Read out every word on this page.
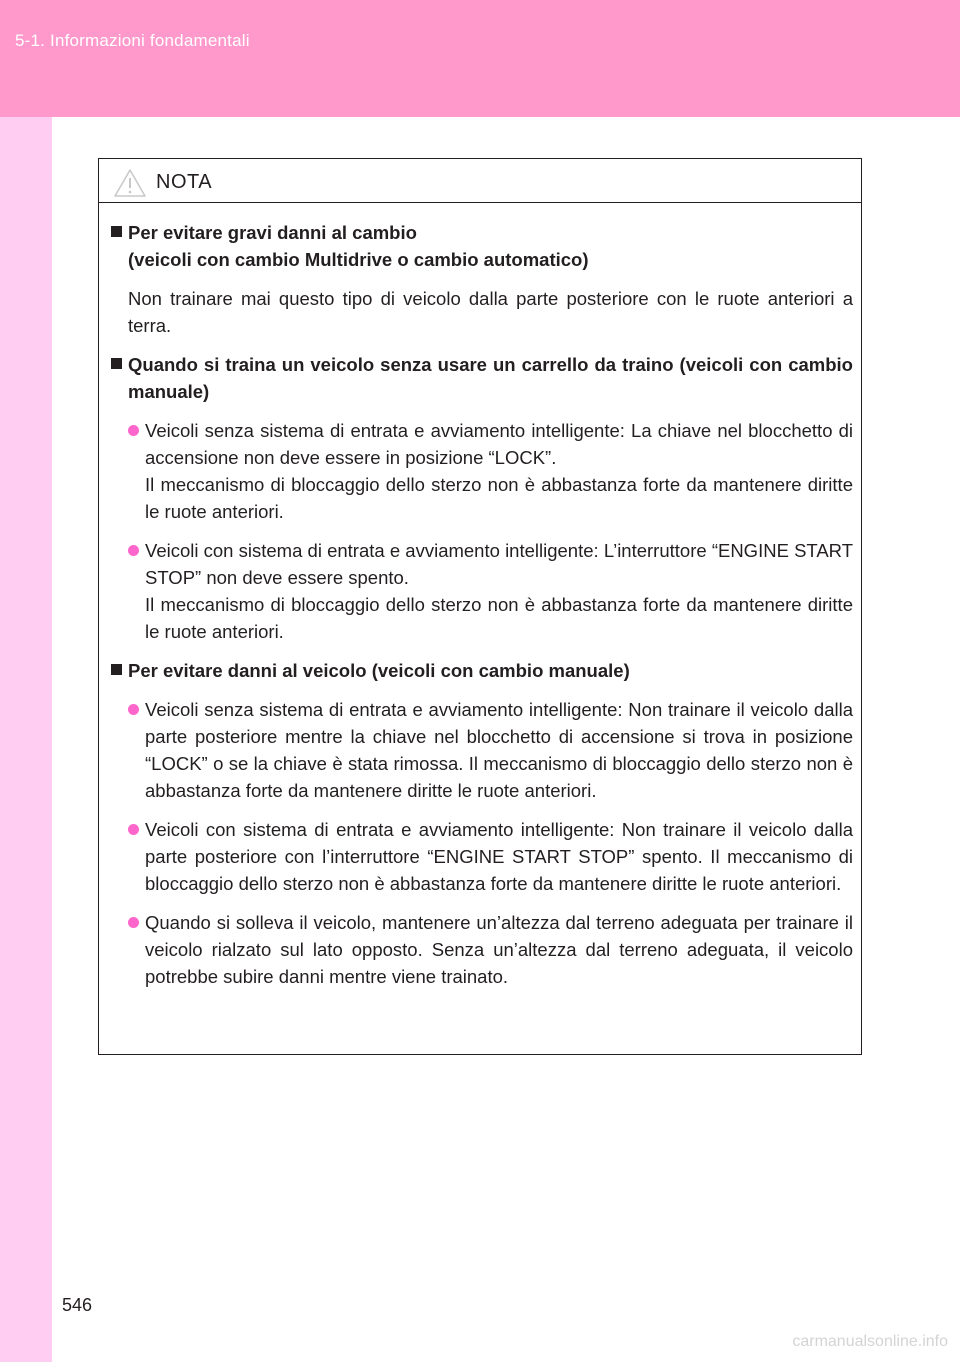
5-1. Informazioni fondamentali
NOTA
Per evitare gravi danni al cambio
(veicoli con cambio Multidrive o cambio automatico)
Non trainare mai questo tipo di veicolo dalla parte posteriore con le ruote anteriori a terra.
Quando si traina un veicolo senza usare un carrello da traino (veicoli con cambio manuale)
Veicoli senza sistema di entrata e avviamento intelligente: La chiave nel blocchetto di accensione non deve essere in posizione “LOCK”.
Il meccanismo di bloccaggio dello sterzo non è abbastanza forte da mantenere diritte le ruote anteriori.
Veicoli con sistema di entrata e avviamento intelligente: L’interruttore “ENGINE START STOP” non deve essere spento.
Il meccanismo di bloccaggio dello sterzo non è abbastanza forte da mantenere diritte le ruote anteriori.
Per evitare danni al veicolo (veicoli con cambio manuale)
Veicoli senza sistema di entrata e avviamento intelligente: Non trainare il veicolo dalla parte posteriore mentre la chiave nel blocchetto di accensione si trova in posizione “LOCK” o se la chiave è stata rimossa. Il meccanismo di bloccaggio dello sterzo non è abbastanza forte da mantenere diritte le ruote anteriori.
Veicoli con sistema di entrata e avviamento intelligente: Non trainare il veicolo dalla parte posteriore con l’interruttore “ENGINE START STOP” spento. Il meccanismo di bloccaggio dello sterzo non è abbastanza forte da mantenere diritte le ruote anteriori.
Quando si solleva il veicolo, mantenere un’altezza dal terreno adeguata per trainare il veicolo rialzato sul lato opposto. Senza un’altezza dal terreno adeguata, il veicolo potrebbe subire danni mentre viene trainato.
546
carmanualsonline.info
